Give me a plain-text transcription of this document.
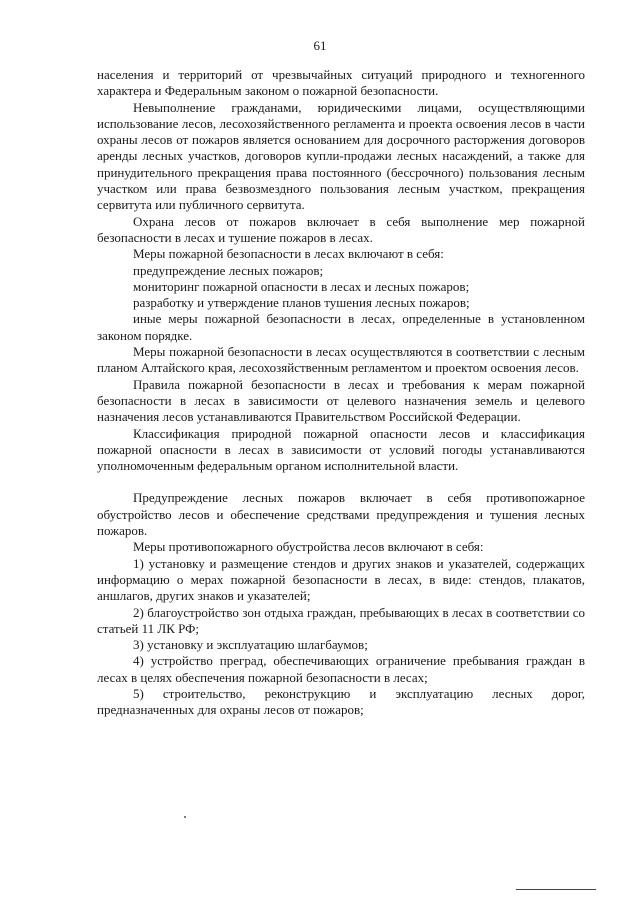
61

населения и территорий от чрезвычайных ситуаций природного и техногенного характера и Федеральным законом о пожарной безопасности.

Невыполнение гражданами, юридическими лицами, осуществляющими использование лесов, лесохозяйственного регламента и проекта освоения лесов в части охраны лесов от пожаров является основанием для досрочного расторжения договоров аренды лесных участков, договоров купли-продажи лесных насаждений, а также для принудительного прекращения права постоянного (бессрочного) пользования лесным участком или права безвозмездного пользования лесным участком, прекращения сервитута или публичного сервитута.

Охрана лесов от пожаров включает в себя выполнение мер пожарной безопасности в лесах и тушение пожаров в лесах.

Меры пожарной безопасности в лесах включают в себя:

предупреждение лесных пожаров;

мониторинг пожарной опасности в лесах и лесных пожаров;

разработку и утверждение планов тушения лесных пожаров;

иные меры пожарной безопасности в лесах, определенные в установленном законом порядке.

Меры пожарной безопасности в лесах осуществляются в соответствии с лесным планом Алтайского края, лесохозяйственным регламентом и проектом освоения лесов.

Правила пожарной безопасности в лесах и требования к мерам пожарной безопасности в лесах в зависимости от целевого назначения земель и целевого назначения лесов устанавливаются Правительством Российской Федерации.

Классификация природной пожарной опасности лесов и классификация пожарной опасности в лесах в зависимости от условий погоды устанавливаются уполномоченным федеральным органом исполнительной власти.

Предупреждение лесных пожаров включает в себя противопожарное обустройство лесов и обеспечение средствами предупреждения и тушения лесных пожаров.

Меры противопожарного обустройства лесов включают в себя:

1) установку и размещение стендов и других знаков и указателей, содержащих информацию о мерах пожарной безопасности в лесах, в виде: стендов, плакатов, аншлагов, других знаков и указателей;

2) благоустройство зон отдыха граждан, пребывающих в лесах в соответствии со статьей 11 ЛК РФ;

3) установку и эксплуатацию шлагбаумов;

4) устройство преград, обеспечивающих ограничение пребывания граждан в лесах в целях обеспечения пожарной безопасности в лесах;

5) строительство, реконструкцию и эксплуатацию лесных дорог, предназначенных для охраны лесов от пожаров;
